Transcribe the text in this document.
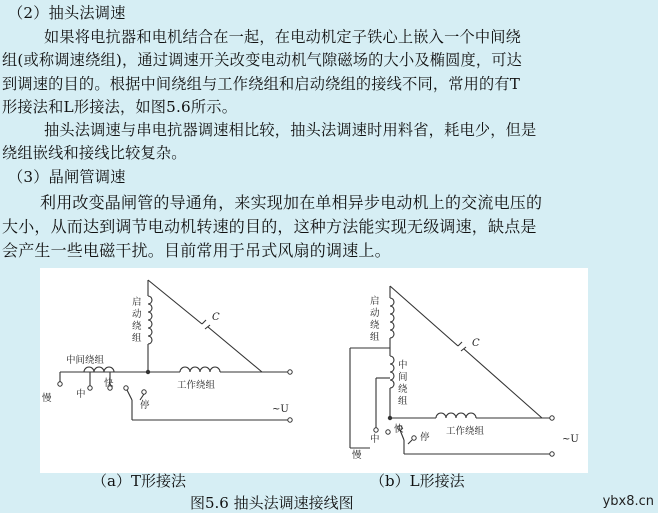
（2）抽头法调速
如果将电抗器和电机结合在一起，在电动机定子铁心上嵌入一个中间绕
组(或称调速绕组)，通过调速开关改变电动机气隙磁场的大小及椭圆度，可达
到调速的目的。根据中间绕组与工作绕组和启动绕组的接线不同，常用的有T
形接法和L形接法，如图5.6所示。
抽头法调速与串电抗器调速相比较，抽头法调速时用料省，耗电少，但是
绕组嵌线和接线比较复杂。
（3）晶闸管调速
利用改变晶闸管的导通角，来实现加在单相异步电动机上的交流电压的
大小，从而达到调节电动机转速的目的，这种方法能实现无级调速，缺点是
会产生一些电磁干扰。目前常用于吊式风扇的调速上。
启
动
绕
组
C
中间绕组
工作绕组
慢	中
快
停	~U
启
动
绕
组
中
间
绕
组
C
工作绕组
慢
中
快
停	~U
（a）T形接法	（b）L形接法
图5.6 抽头法调速接线图	ybx8.cn
